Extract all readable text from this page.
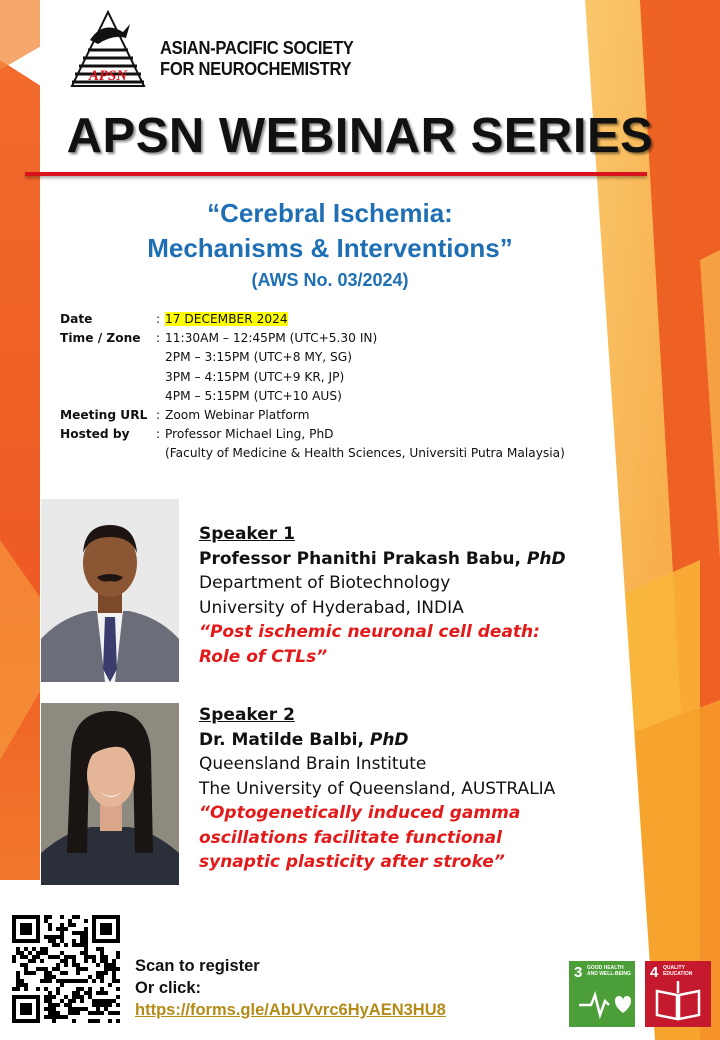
APSN
ASIAN-PACIFIC SOCIETY
FOR NEUROCHEMISTRY
APSN WEBINAR SERIES
“Cerebral Ischemia:
Mechanisms & Interventions”
(AWS No. 03/2024)
Date	:	17 DECEMBER 2024
Time / Zone	:	11:30AM – 12:45PM (UTC+5.30 IN)
		2PM – 3:15PM (UTC+8 MY, SG)
		3PM – 4:15PM (UTC+9 KR, JP)
		4PM – 5:15PM (UTC+10 AUS)
Meeting URL	:	Zoom Webinar Platform
Hosted by	:	Professor Michael Ling, PhD
		(Faculty of Medicine & Health Sciences, Universiti Putra Malaysia)
Speaker 1
Professor Phanithi Prakash Babu, PhD
Department of Biotechnology
University of Hyderabad, INDIA
“Post ischemic neuronal cell death:
Role of CTLs”
Speaker 2
Dr. Matilde Balbi, PhD
Queensland Brain Institute
The University of Queensland, AUSTRALIA
“Optogenetically induced gamma
oscillations facilitate functional
synaptic plasticity after stroke”
Scan to register
Or click:
https://forms.gle/AbUVvrc6HyAEN3HU8
3 GOOD HEALTH AND WELL-BEING 4 QUALITY EDUCATION
